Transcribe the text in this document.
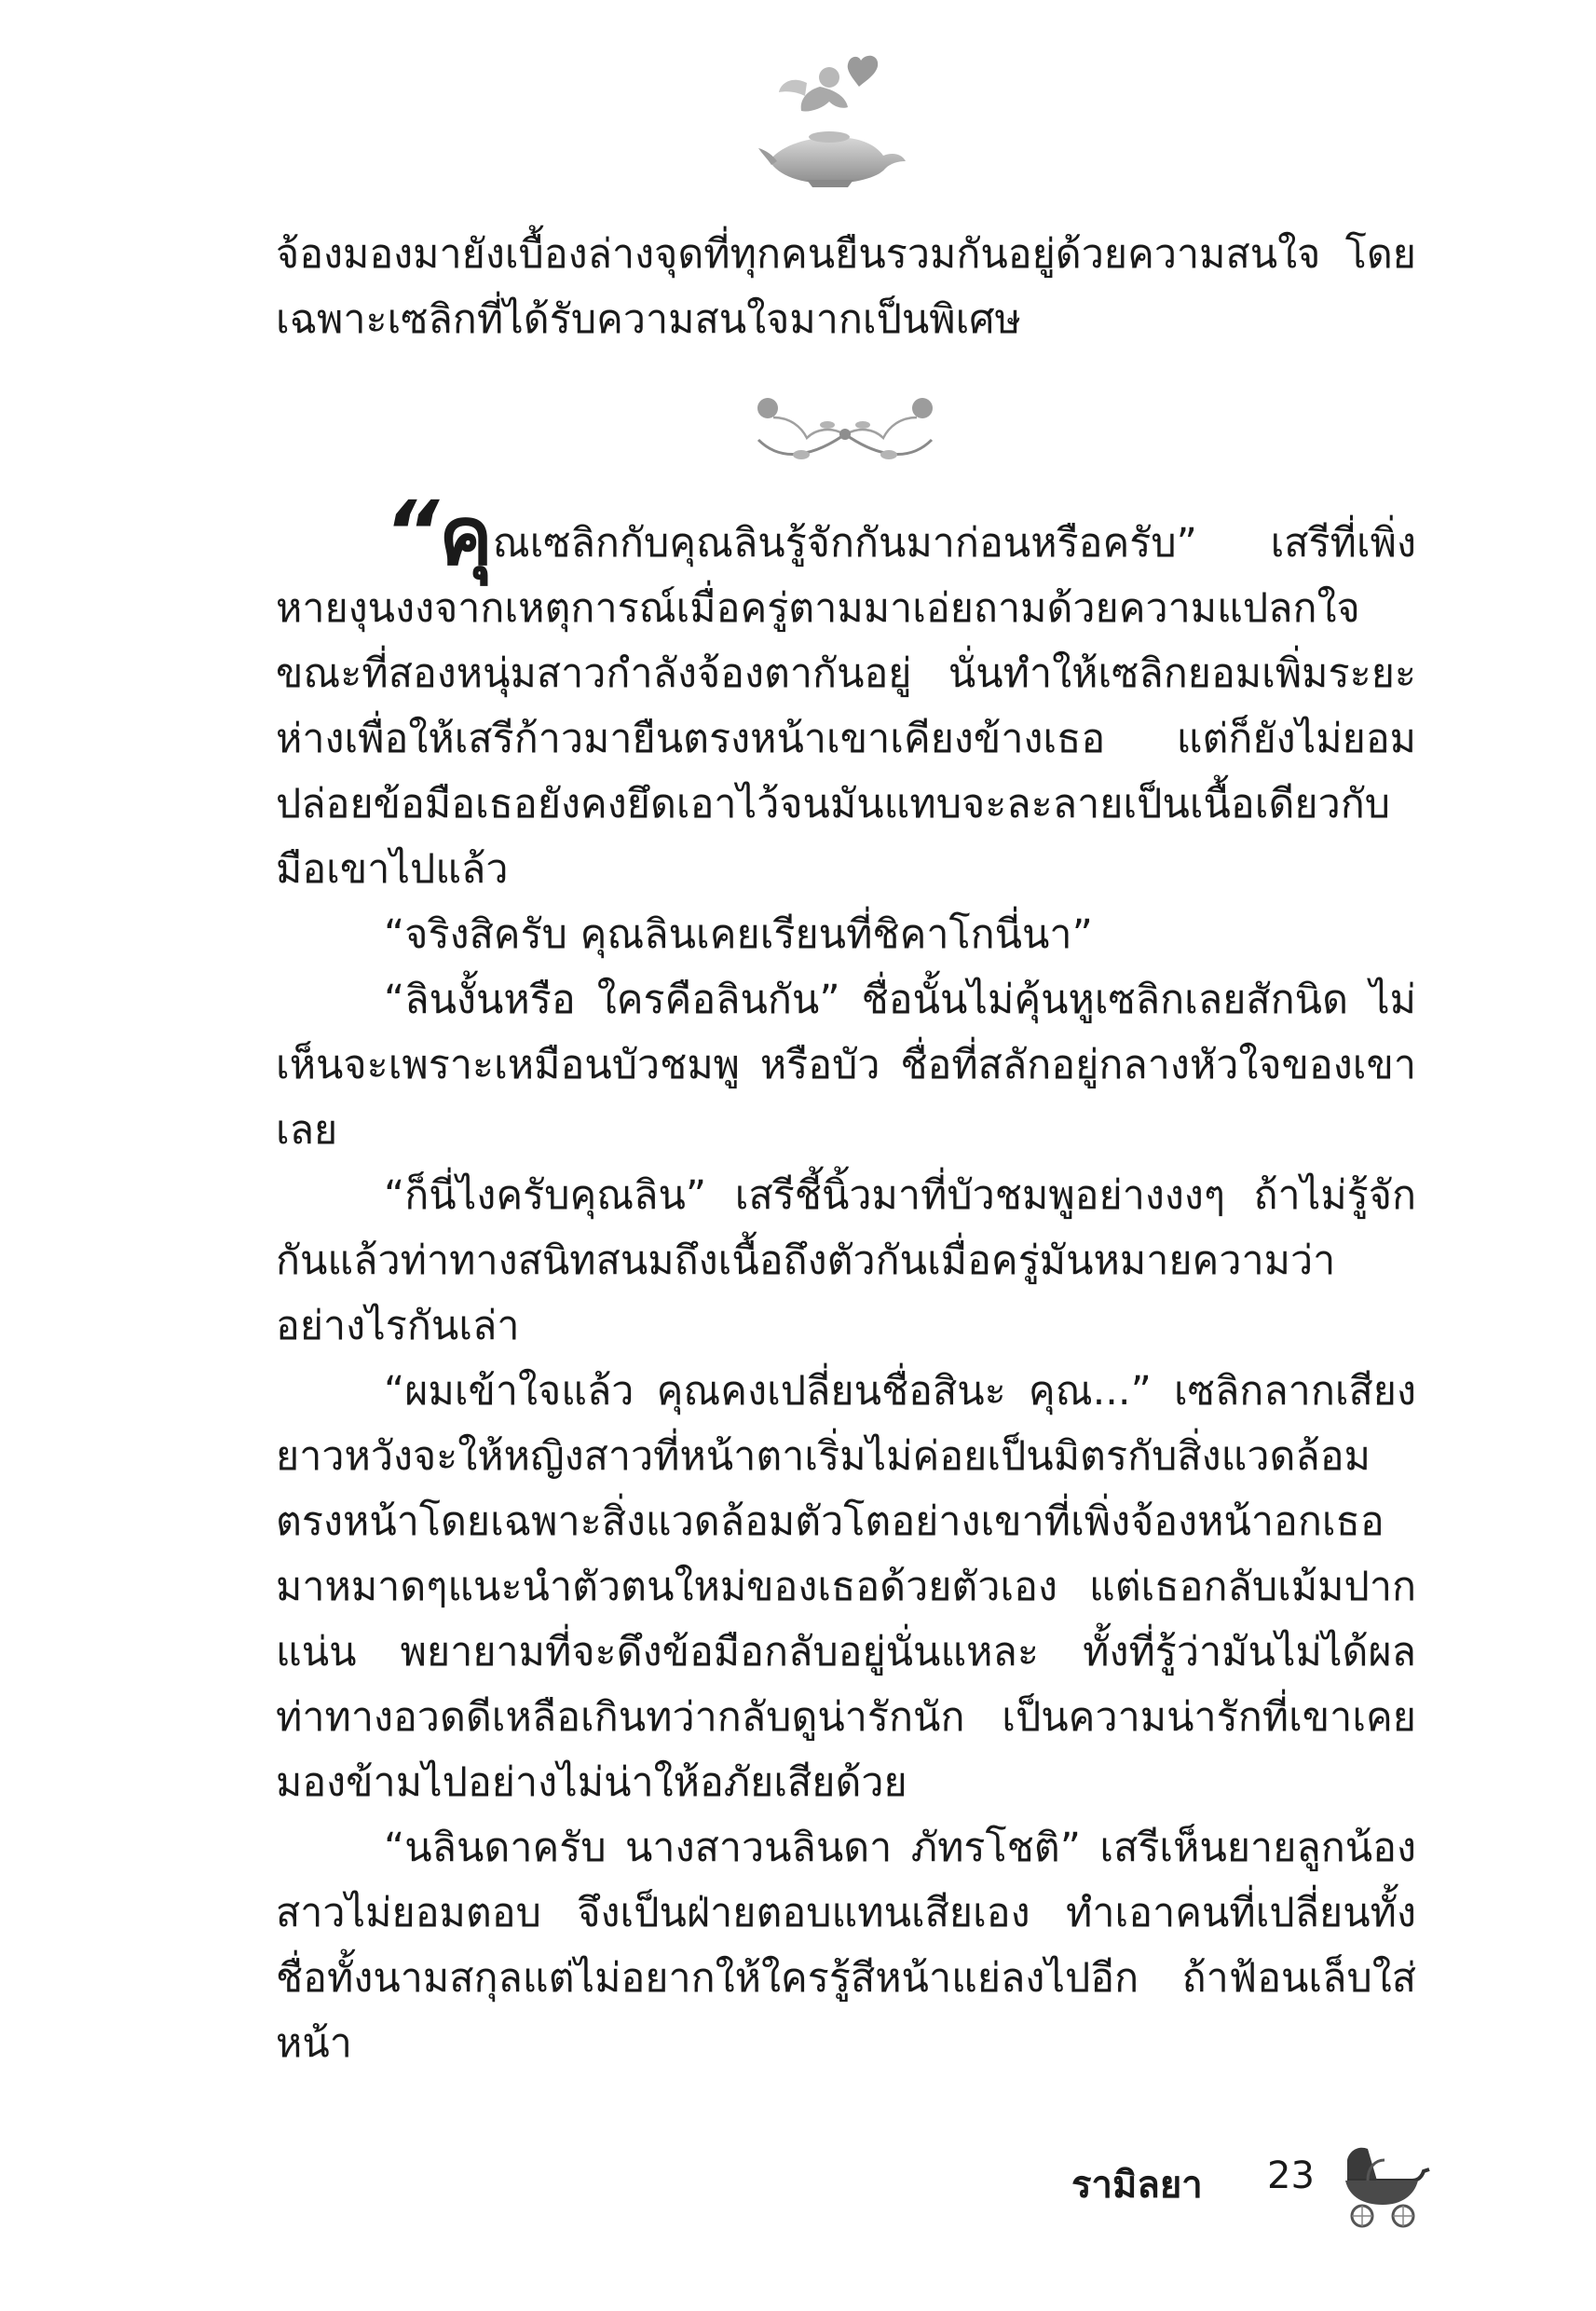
จ้องมองมายังเบื้องล่างจุดที่ทุกคนยืนรวมกันอยู่ด้วยความสนใจ โดยเฉพาะเซลิกที่ได้รับความสนใจมากเป็นพิเศษ

“คุณเซลิกกับคุณลินรู้จักกันมาก่อนหรือครับ” เสรีที่เพิ่งหายงุนงงจากเหตุการณ์เมื่อครู่ตามมาเอ่ยถามด้วยความแปลกใจขณะที่สองหนุ่มสาวกำลังจ้องตากันอยู่ นั่นทำให้เซลิกยอมเพิ่มระยะห่างเพื่อให้เสรีก้าวมายืนตรงหน้าเขาเคียงข้างเธอ แต่ก็ยังไม่ยอมปล่อยข้อมือเธอยังคงยึดเอาไว้จนมันแทบจะละลายเป็นเนื้อเดียวกับมือเขาไปแล้ว

“จริงสิครับ คุณลินเคยเรียนที่ชิคาโกนี่นา”

“ลินงั้นหรือ ใครคือลินกัน” ชื่อนั้นไม่คุ้นหูเซลิกเลยสักนิด ไม่เห็นจะเพราะเหมือนบัวชมพู หรือบัว ชื่อที่สลักอยู่กลางหัวใจของเขาเลย

“ก็นี่ไงครับคุณลิน” เสรีชี้นิ้วมาที่บัวชมพูอย่างงงๆ ถ้าไม่รู้จักกันแล้วท่าทางสนิทสนมถึงเนื้อถึงตัวกันเมื่อครู่มันหมายความว่าอย่างไรกันเล่า

“ผมเข้าใจแล้ว คุณคงเปลี่ยนชื่อสินะ คุณ...” เซลิกลากเสียงยาวหวังจะให้หญิงสาวที่หน้าตาเริ่มไม่ค่อยเป็นมิตรกับสิ่งแวดล้อมตรงหน้าโดยเฉพาะสิ่งแวดล้อมตัวโตอย่างเขาที่เพิ่งจ้องหน้าอกเธอมาหมาดๆแนะนำตัวตนใหม่ของเธอด้วยตัวเอง แต่เธอกลับเม้มปากแน่น พยายามที่จะดึงข้อมือกลับอยู่นั่นแหละ ทั้งที่รู้ว่ามันไม่ได้ผล ท่าทางอวดดีเหลือเกินทว่ากลับดูน่ารักนัก เป็นความน่ารักที่เขาเคยมองข้ามไปอย่างไม่น่าให้อภัยเสียด้วย

“นลินดาครับ นางสาวนลินดา ภัทรโชติ” เสรีเห็นยายลูกน้องสาวไม่ยอมตอบ จึงเป็นฝ่ายตอบแทนเสียเอง ทำเอาคนที่เปลี่ยนทั้งชื่อทั้งนามสกุลแต่ไม่อยากให้ใครรู้สีหน้าแย่ลงไปอีก ถ้าฟ้อนเล็บใส่หน้า

รามิลยา 23
